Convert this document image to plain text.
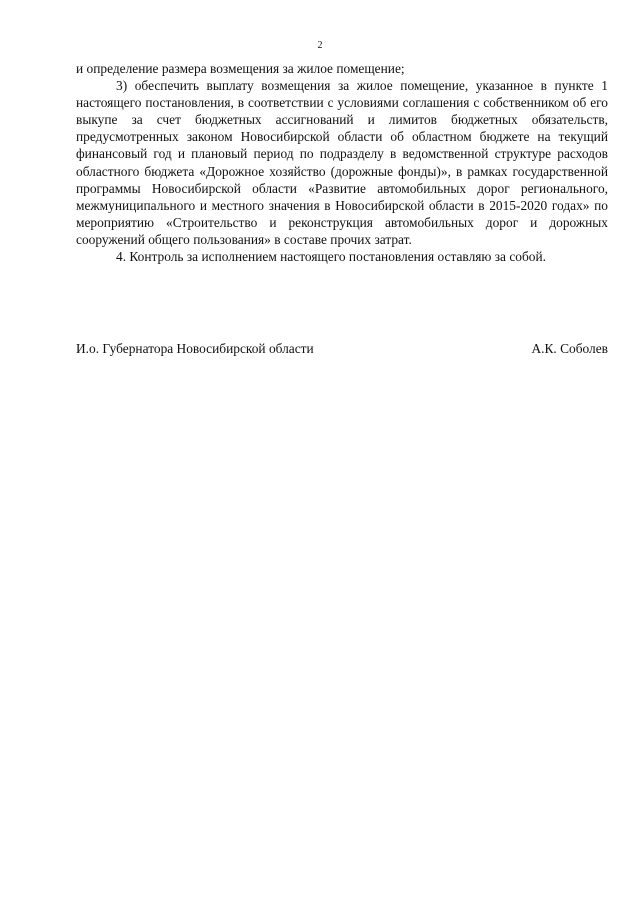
2

и определение размера возмещения за жилое помещение;

3) обеспечить выплату возмещения за жилое помещение, указанное в пункте 1 настоящего постановления, в соответствии с условиями соглашения с собственником об его выкупе за счет бюджетных ассигнований и лимитов бюджетных обязательств, предусмотренных законом Новосибирской области об областном бюджете на текущий финансовый год и плановый период по подразделу в ведомственной структуре расходов областного бюджета «Дорожное хозяйство (дорожные фонды)», в рамках государственной программы Новосибирской области «Развитие автомобильных дорог регионального, межмуниципального и местного значения в Новосибирской области в 2015-2020 годах» по мероприятию «Строительство и реконструкция автомобильных дорог и дорожных сооружений общего пользования» в составе прочих затрат.

4. Контроль за исполнением настоящего постановления оставляю за собой.

И.о. Губернатора Новосибирской области	А.К. Соболев
